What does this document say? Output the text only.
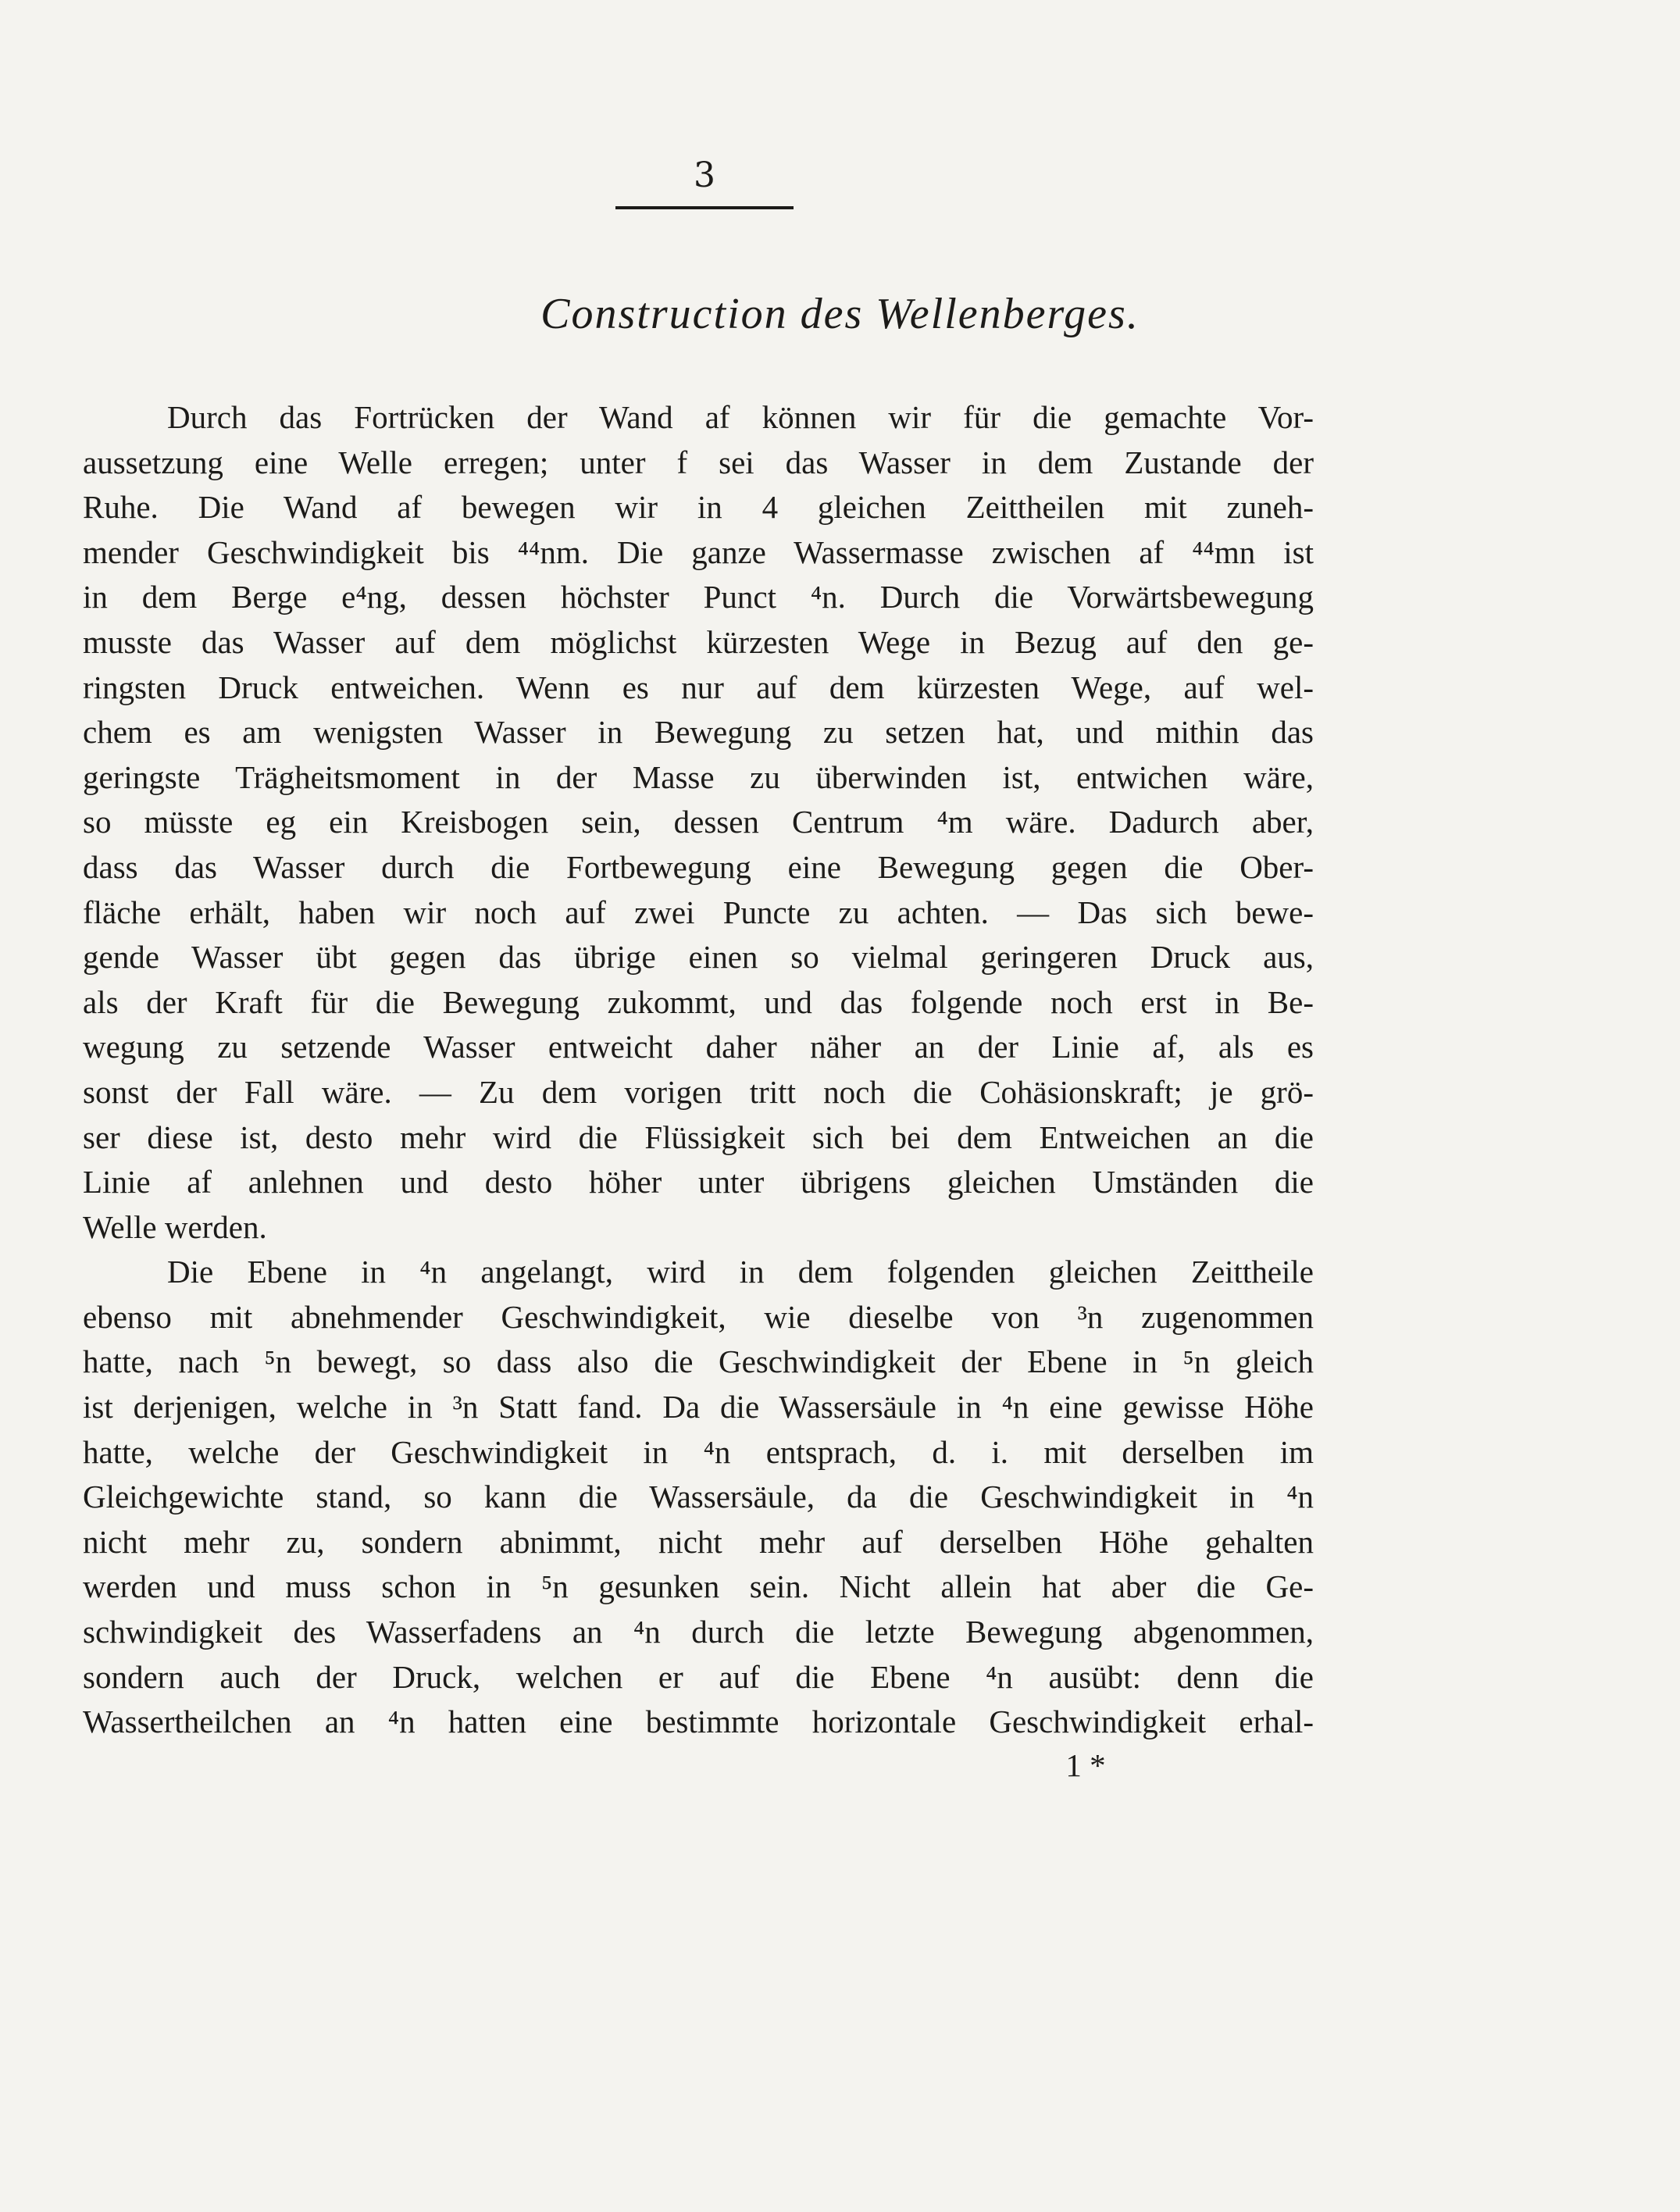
3
Construction des Wellenberges.
Durch das Fortrücken der Wand af können wir für die gemachte Vor-
aussetzung eine Welle erregen; unter f sei das Wasser in dem Zustande der
Ruhe. Die Wand af bewegen wir in 4 gleichen Zeittheilen mit zuneh-
mender Geschwindigkeit bis ⁴⁴nm. Die ganze Wassermasse zwischen af ⁴⁴mn ist
in dem Berge e⁴ng, dessen höchster Punct ⁴n. Durch die Vorwärtsbewegung
musste das Wasser auf dem möglichst kürzesten Wege in Bezug auf den ge-
ringsten Druck entweichen. Wenn es nur auf dem kürzesten Wege, auf wel-
chem es am wenigsten Wasser in Bewegung zu setzen hat, und mithin das
geringste Trägheitsmoment in der Masse zu überwinden ist, entwichen wäre,
so müsste eg ein Kreisbogen sein, dessen Centrum ⁴m wäre. Dadurch aber,
dass das Wasser durch die Fortbewegung eine Bewegung gegen die Ober-
fläche erhält, haben wir noch auf zwei Puncte zu achten. — Das sich bewe-
gende Wasser übt gegen das übrige einen so vielmal geringeren Druck aus,
als der Kraft für die Bewegung zukommt, und das folgende noch erst in Be-
wegung zu setzende Wasser entweicht daher näher an der Linie af, als es
sonst der Fall wäre. — Zu dem vorigen tritt noch die Cohäsionskraft; je grö-
ser diese ist, desto mehr wird die Flüssigkeit sich bei dem Entweichen an die
Linie af anlehnen und desto höher unter übrigens gleichen Umständen die
Welle werden.
Die Ebene in ⁴n angelangt, wird in dem folgenden gleichen Zeittheile
ebenso mit abnehmender Geschwindigkeit, wie dieselbe von ³n zugenommen
hatte, nach ⁵n bewegt, so dass also die Geschwindigkeit der Ebene in ⁵n gleich
ist derjenigen, welche in ³n Statt fand. Da die Wassersäule in ⁴n eine gewisse Höhe
hatte, welche der Geschwindigkeit in ⁴n entsprach, d. i. mit derselben im
Gleichgewichte stand, so kann die Wassersäule, da die Geschwindigkeit in ⁴n
nicht mehr zu, sondern abnimmt, nicht mehr auf derselben Höhe gehalten
werden und muss schon in ⁵n gesunken sein. Nicht allein hat aber die Ge-
schwindigkeit des Wasserfadens an ⁴n durch die letzte Bewegung abgenommen,
sondern auch der Druck, welchen er auf die Ebene ⁴n ausübt: denn die
Wassertheilchen an ⁴n hatten eine bestimmte horizontale Geschwindigkeit erhal-
1 *
